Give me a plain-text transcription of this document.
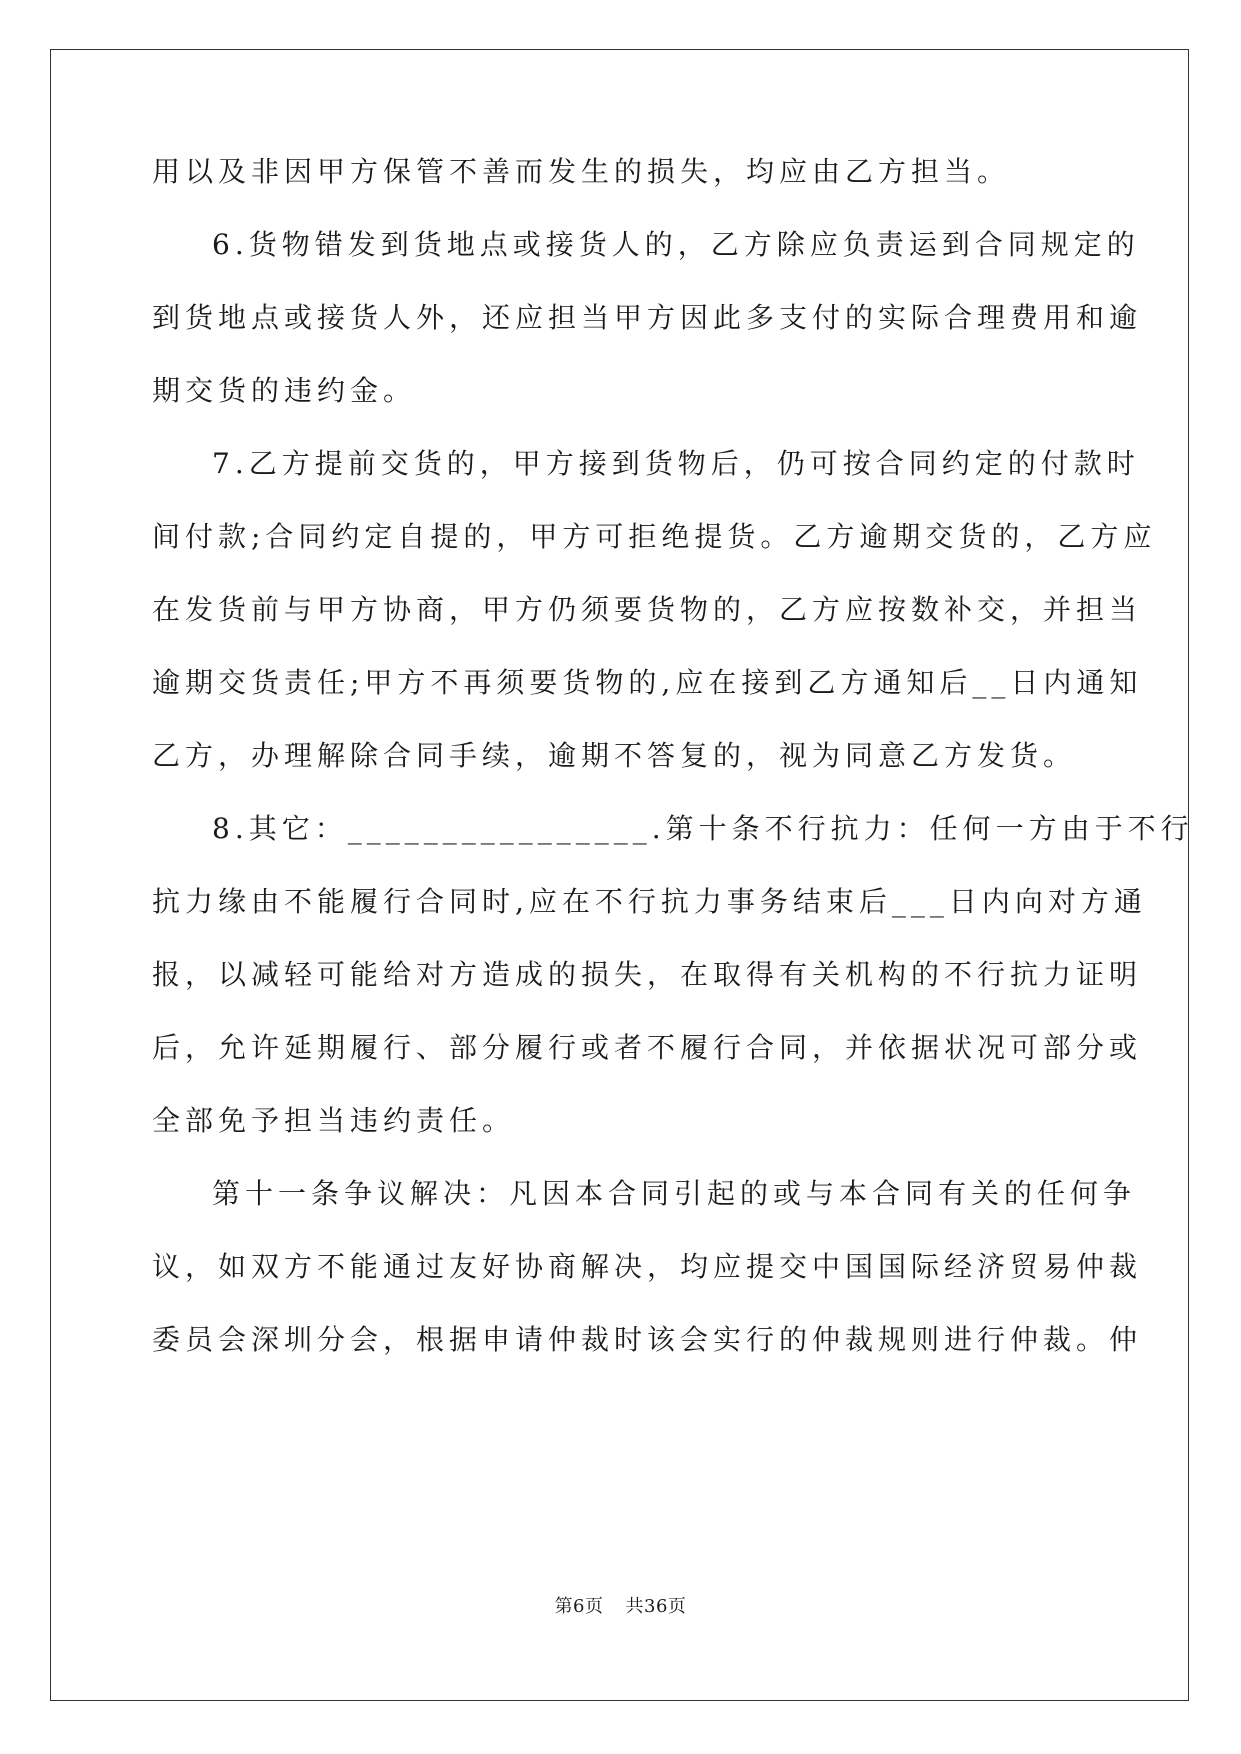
用以及非因甲方保管不善而发生的损失，均应由乙方担当。
6.货物错发到货地点或接货人的，乙方除应负责运到合同规定的
到货地点或接货人外，还应担当甲方因此多支付的实际合理费用和逾
期交货的违约金。
7.乙方提前交货的，甲方接到货物后，仍可按合同约定的付款时
间付款;合同约定自提的，甲方可拒绝提货。乙方逾期交货的，乙方应
在发货前与甲方协商，甲方仍须要货物的，乙方应按数补交，并担当
逾期交货责任;甲方不再须要货物的,应在接到乙方通知后__日内通知
乙方，办理解除合同手续，逾期不答复的，视为同意乙方发货。
8.其它：________________.第十条不行抗力：任何一方由于不行
抗力缘由不能履行合同时,应在不行抗力事务结束后___日内向对方通
报，以减轻可能给对方造成的损失，在取得有关机构的不行抗力证明
后，允许延期履行、部分履行或者不履行合同，并依据状况可部分或
全部免予担当违约责任。
第十一条争议解决：凡因本合同引起的或与本合同有关的任何争
议，如双方不能通过友好协商解决，均应提交中国国际经济贸易仲裁
委员会深圳分会，根据申请仲裁时该会实行的仲裁规则进行仲裁。仲
第6页 共36页
